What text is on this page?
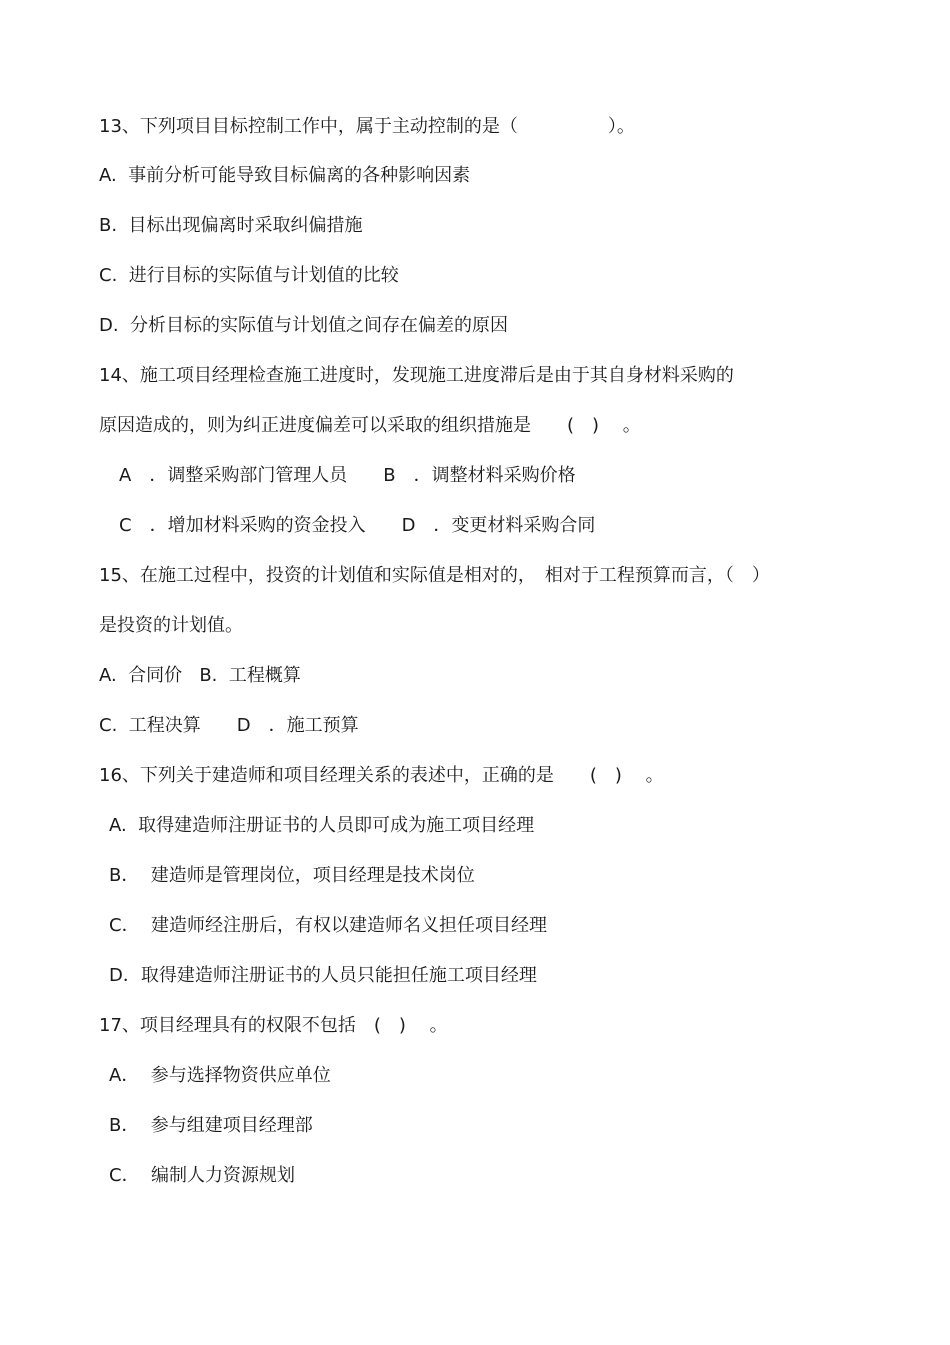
13、下列项目目标控制工作中，属于主动控制的是（　　　　　）。
A.  事前分析可能导致目标偏离的各种影响因素
B.  目标出现偏离时采取纠偏措施
C.  进行目标的实际值与计划值的比较
D.  分析目标的实际值与计划值之间存在偏差的原因
14、施工项目经理检查施工进度时，发现施工进度滞后是由于其自身材料采购的
原因造成的，则为纠正进度偏差可以采取的组织措施是　　(　)　 。
A　．调整采购部门管理人员　　B　．调整材料采购价格
C　．增加材料采购的资金投入　　D　．变更材料采购合同
15、在施工过程中，投资的计划值和实际值是相对的，　相对于工程预算而言，（　）
是投资的计划值。
A.  合同价   B.  工程概算
C.  工程决算　　D　．施工预算
16、下列关于建造师和项目经理关系的表述中，正确的是　　(　)　 。
A.  取得建造师注册证书的人员即可成为施工项目经理
B．  建造师是管理岗位，项目经理是技术岗位
C．  建造师经注册后，有权以建造师名义担任项目经理
D．取得建造师注册证书的人员只能担任施工项目经理
17、项目经理具有的权限不包括　(　)　 。
A．  参与选择物资供应单位
B．  参与组建项目经理部
C．  编制人力资源规划
